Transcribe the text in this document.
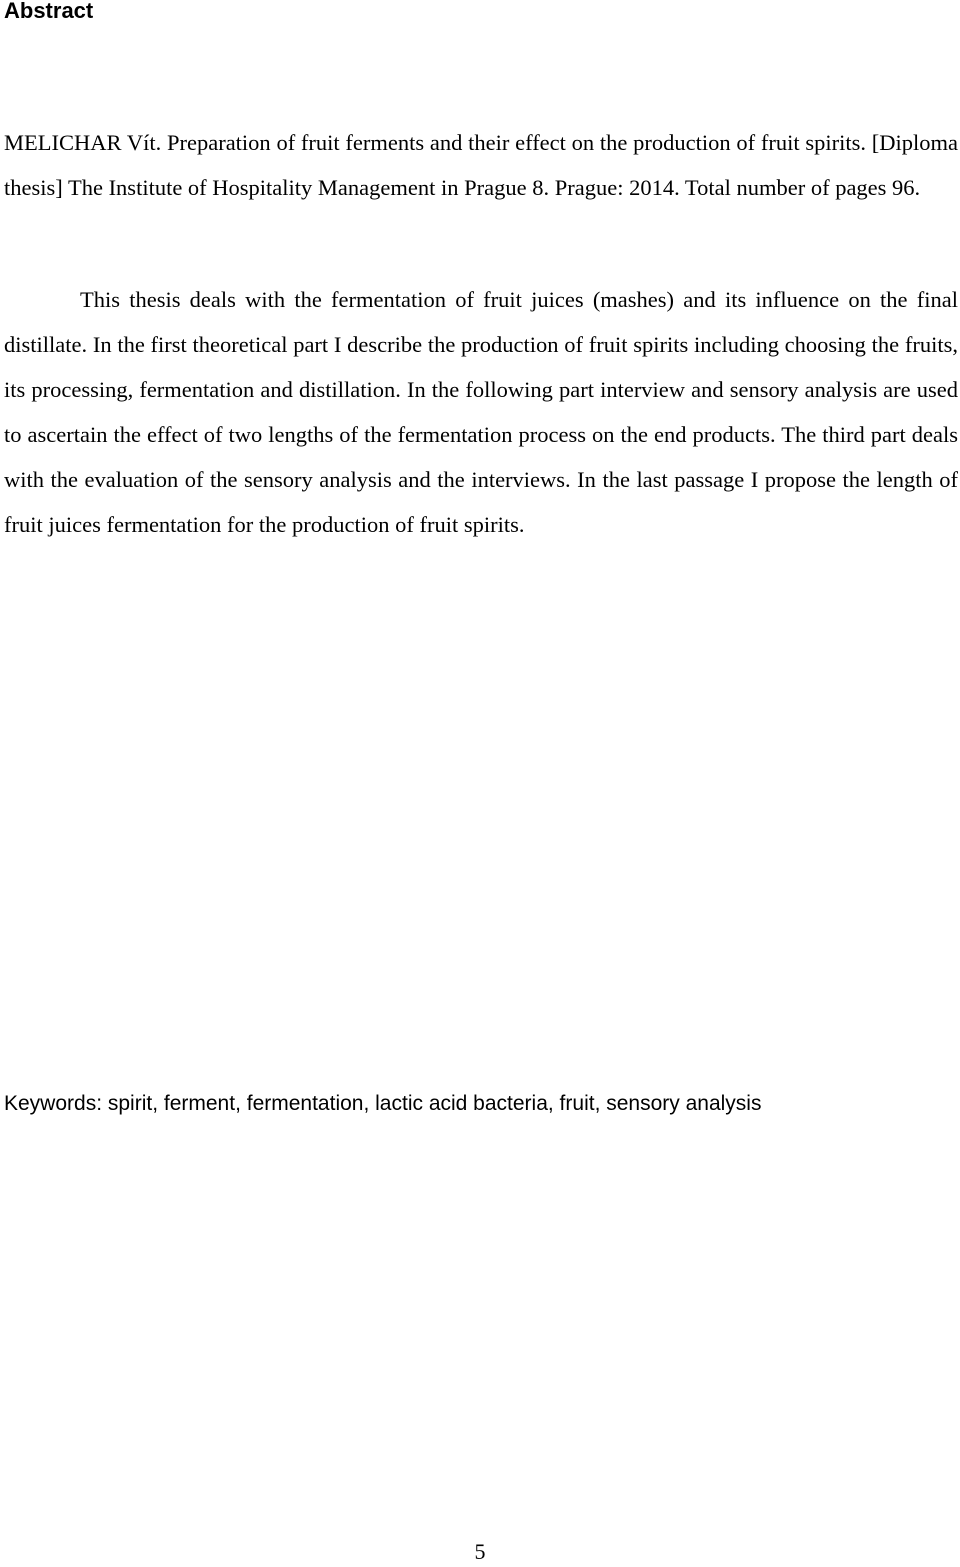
Abstract

MELICHAR Vít. Preparation of fruit ferments and their effect on the production of fruit spirits. [Diploma thesis] The Institute of Hospitality Management in Prague 8. Prague: 2014. Total number of pages 96.

This thesis deals with the fermentation of fruit juices (mashes) and its influence on the final distillate. In the first theoretical part I describe the production of fruit spirits including choosing the fruits, its processing, fermentation and distillation. In the following part interview and sensory analysis are used to ascertain the effect of two lengths of the fermentation process on the end products. The third part deals with the evaluation of the sensory analysis and the interviews. In the last passage I propose the length of fruit juices fermentation for the production of fruit spirits.

Keywords: spirit, ferment, fermentation, lactic acid bacteria, fruit, sensory analysis

5
